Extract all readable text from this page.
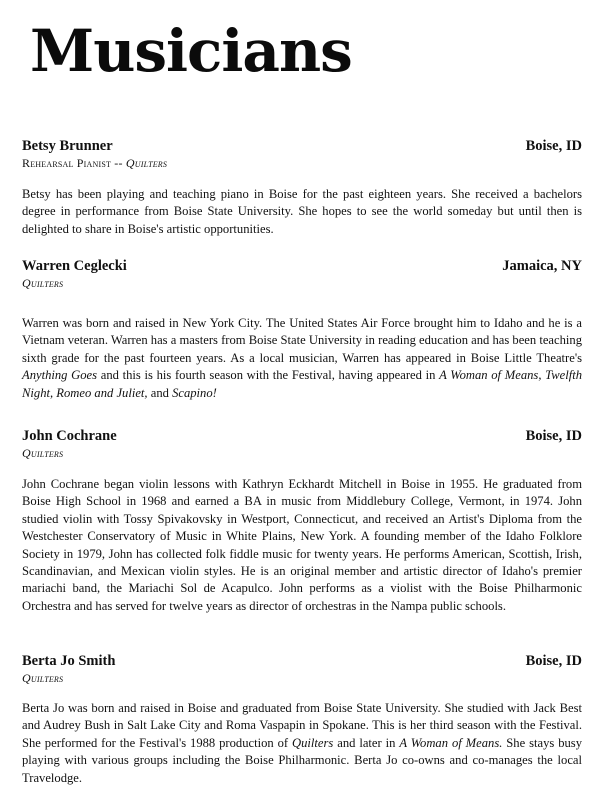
Musicians
Betsy Brunner	Boise, ID
Rehearsal Pianist -- Quilters

Betsy has been playing and teaching piano in Boise for the past eighteen years. She received a bachelors degree in performance from Boise State University. She hopes to see the world someday but until then is delighted to share in Boise's artistic opportunities.

Warren Ceglecki	Jamaica, NY
Quilters

Warren was born and raised in New York City. The United States Air Force brought him to Idaho and he is a Vietnam veteran. Warren has a masters from Boise State University in reading education and has been teaching sixth grade for the past fourteen years. As a local musician, Warren has appeared in Boise Little Theatre's Anything Goes and this is his fourth season with the Festival, having appeared in A Woman of Means, Twelfth Night, Romeo and Juliet, and Scapino!

John Cochrane	Boise, ID
Quilters

John Cochrane began violin lessons with Kathryn Eckhardt Mitchell in Boise in 1955. He graduated from Boise High School in 1968 and earned a BA in music from Middlebury College, Vermont, in 1974. John studied violin with Tossy Spivakovsky in Westport, Connecticut, and received an Artist's Diploma from the Westchester Conservatory of Music in White Plains, New York. A founding member of the Idaho Folklore Society in 1979, John has collected folk fiddle music for twenty years. He performs American, Scottish, Irish, Scandinavian, and Mexican violin styles. He is an original member and artistic director of Idaho's premier mariachi band, the Mariachi Sol de Acapulco. John performs as a violist with the Boise Philharmonic Orchestra and has served for twelve years as director of orchestras in the Nampa public schools.

Berta Jo Smith	Boise, ID
Quilters

Berta Jo was born and raised in Boise and graduated from Boise State University. She studied with Jack Best and Audrey Bush in Salt Lake City and Roma Vaspapin in Spokane. This is her third season with the Festival. She performed for the Festival's 1988 production of Quilters and later in A Woman of Means. She stays busy playing with various groups including the Boise Philharmonic. Berta Jo co-owns and co-manages the local Travelodge.
